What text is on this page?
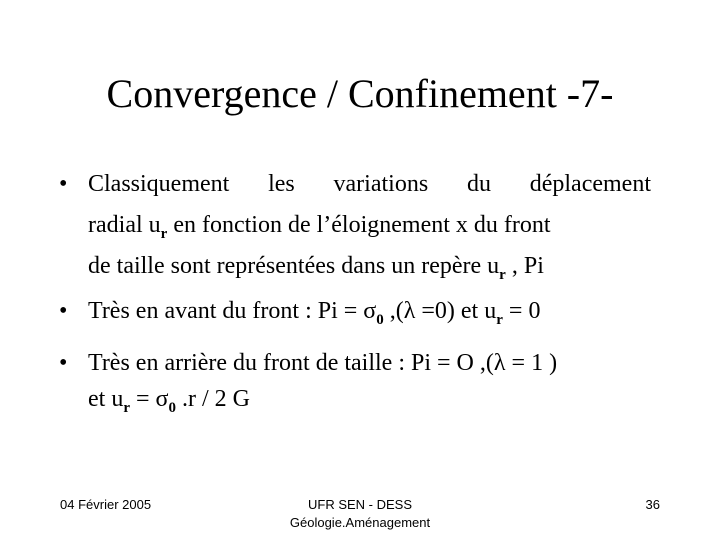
Convergence / Confinement -7-
• Classiquement les variations du déplacement
radial $u_r$ en fonction de l’éloignement x du front
de taille sont représentées dans un repère $u_r$ , Pi
• Très en avant du front : $Pi = \sigma_0$ ,(λ =0) et $u_r = 0$
• Très en arrière du front de taille : Pi = O ,(λ = 1 )
et $u_r = \sigma_0$ .r / 2 G
04 Février 2005	UFR SEN - DESS
Géologie.Aménagement
36
